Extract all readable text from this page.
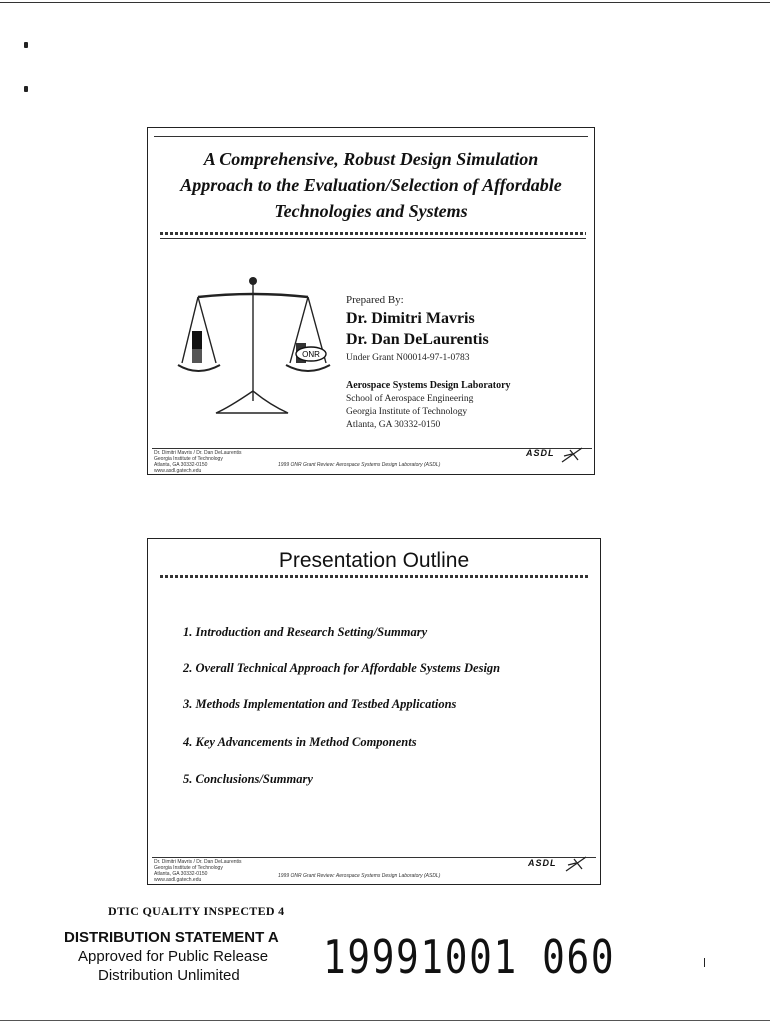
A Comprehensive, Robust Design Simulation
Approach to the Evaluation/Selection of Affordable
Technologies and Systems
ONR
Prepared By:
Dr. Dimitri Mavris
Dr. Dan DeLaurentis
Under Grant N00014-97-1-0783
Aerospace Systems Design Laboratory
School of Aerospace Engineering
Georgia Institute of Technology
Atlanta, GA 30332-0150
Dr. Dimitri Mavris / Dr. Dan DeLaurentis
Georgia Institute of Technology
Atlanta, GA 30332-0150
www.asdl.gatech.edu
1999 ONR Grant Review: Aerospace Systems Design Laboratory (ASDL)
ASDL
Presentation Outline
1. Introduction and Research Setting/Summary
2. Overall Technical Approach for Affordable Systems Design
3. Methods Implementation and Testbed Applications
4. Key Advancements in Method Components
5. Conclusions/Summary
Dr. Dimitri Mavris / Dr. Dan DeLaurentis
Georgia Institute of Technology
Atlanta, GA 30332-0150
www.asdl.gatech.edu
1999 ONR Grant Review: Aerospace Systems Design Laboratory (ASDL)
ASDL
DTIC QUALITY INSPECTED 4
DISTRIBUTION STATEMENT A
Approved for Public Release
Distribution Unlimited 19991001 060
